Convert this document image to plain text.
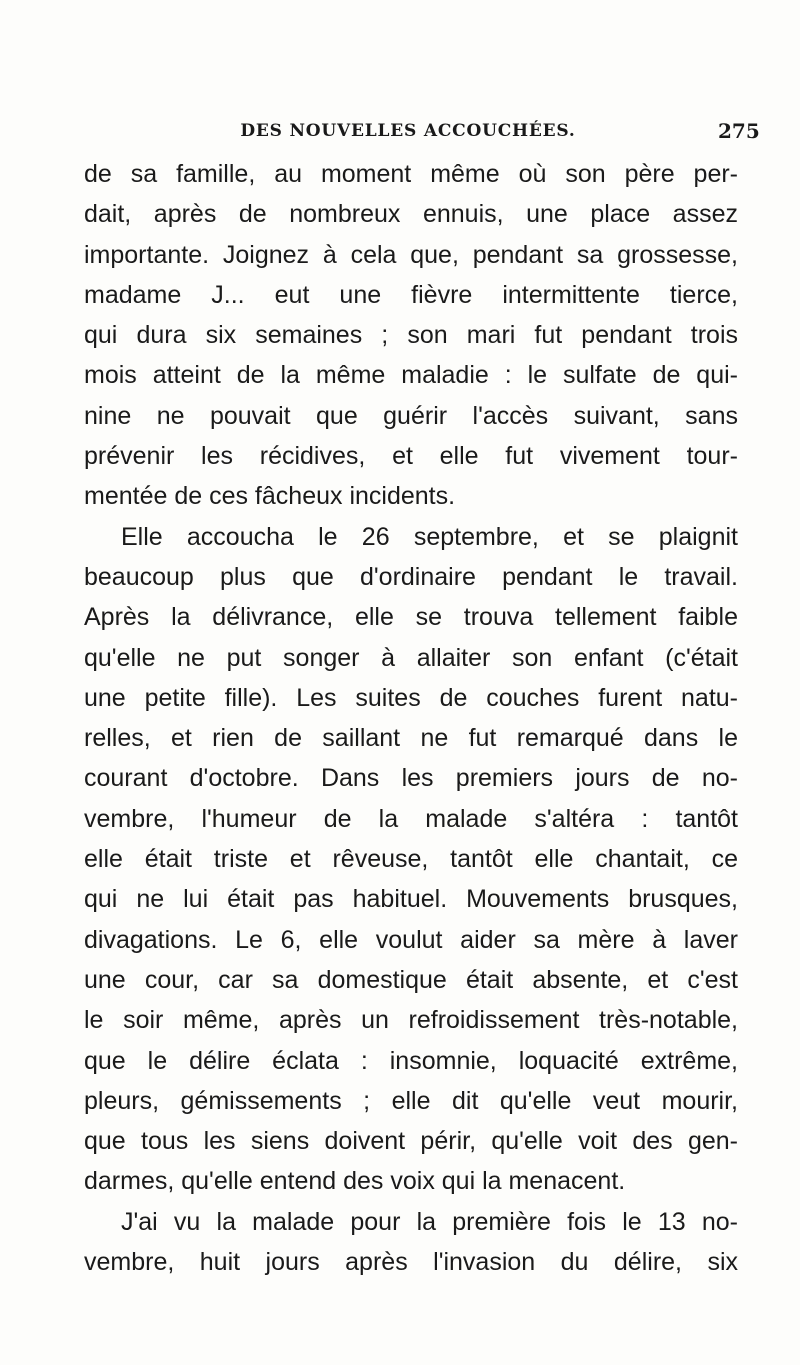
DES NOUVELLES ACCOUCHÉES.	275
de sa famille, au moment même où son père per-
dait, après de nombreux ennuis, une place assez
importante. Joignez à cela que, pendant sa grossesse,
madame J... eut une fièvre intermittente tierce,
qui dura six semaines ; son mari fut pendant trois
mois atteint de la même maladie : le sulfate de qui-
nine ne pouvait que guérir l'accès suivant, sans
prévenir les récidives, et elle fut vivement tour-
mentée de ces fâcheux incidents.
Elle accoucha le 26 septembre, et se plaignit
beaucoup plus que d'ordinaire pendant le travail.
Après la délivrance, elle se trouva tellement faible
qu'elle ne put songer à allaiter son enfant (c'était
une petite fille). Les suites de couches furent natu-
relles, et rien de saillant ne fut remarqué dans le
courant d'octobre. Dans les premiers jours de no-
vembre, l'humeur de la malade s'altéra : tantôt
elle était triste et rêveuse, tantôt elle chantait, ce
qui ne lui était pas habituel. Mouvements brusques,
divagations. Le 6, elle voulut aider sa mère à laver
une cour, car sa domestique était absente, et c'est
le soir même, après un refroidissement très-notable,
que le délire éclata : insomnie, loquacité extrême,
pleurs, gémissements ; elle dit qu'elle veut mourir,
que tous les siens doivent périr, qu'elle voit des gen-
darmes, qu'elle entend des voix qui la menacent.
J'ai vu la malade pour la première fois le 13 no-
vembre, huit jours après l'invasion du délire, six
